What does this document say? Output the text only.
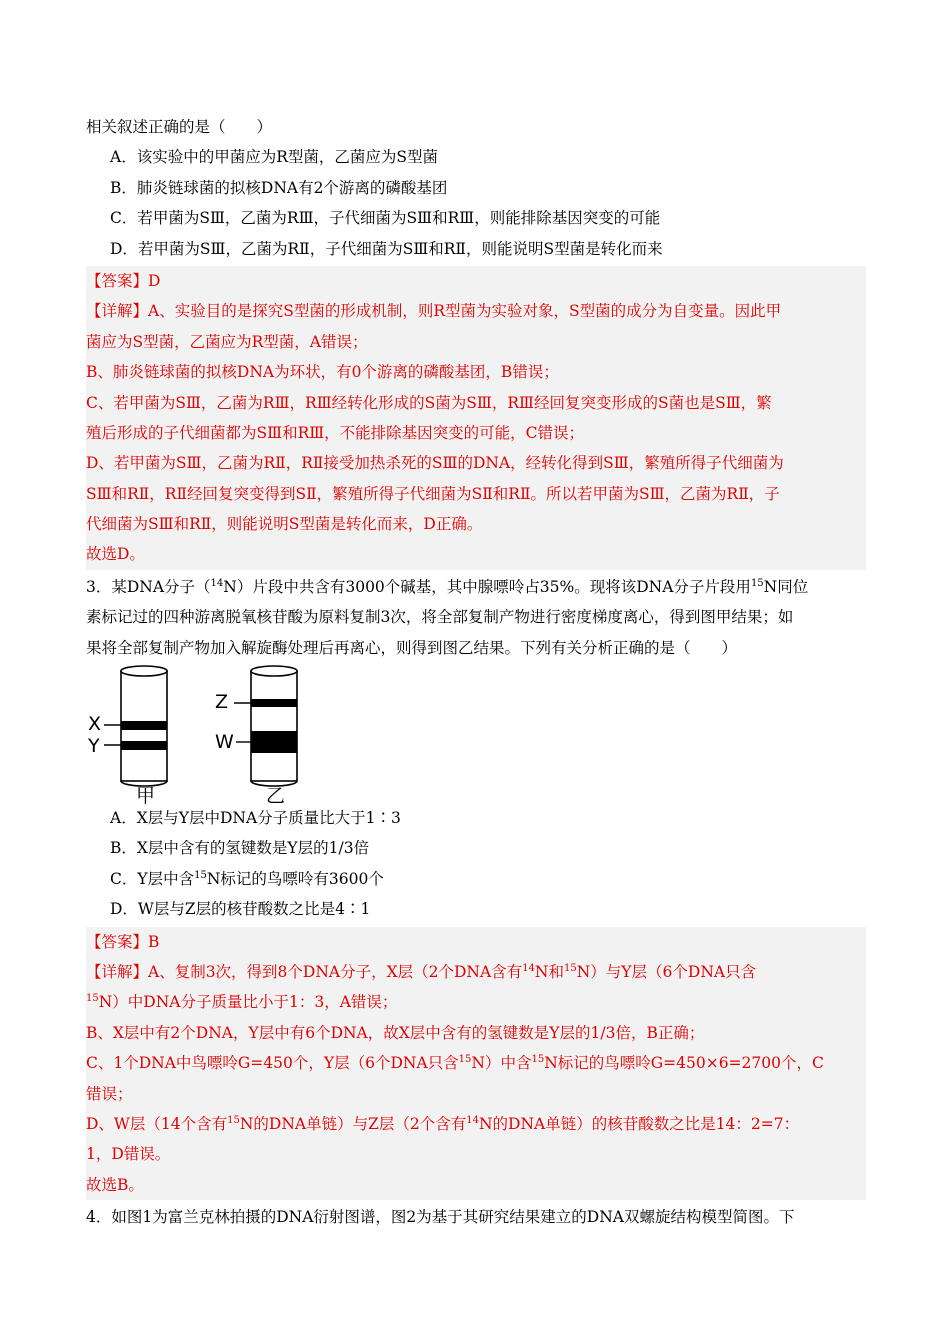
相关叙述正确的是（　　）
A．该实验中的甲菌应为R型菌，乙菌应为S型菌
B．肺炎链球菌的拟核DNA有2个游离的磷酸基团
C．若甲菌为SⅢ，乙菌为RⅢ，子代细菌为SⅢ和RⅢ，则能排除基因突变的可能
D．若甲菌为SⅢ，乙菌为RⅡ，子代细菌为SⅢ和RⅡ，则能说明S型菌是转化而来
【答案】D
【详解】A、实验目的是探究S型菌的形成机制，则R型菌为实验对象，S型菌的成分为自变量。因此甲
菌应为S型菌，乙菌应为R型菌，A错误；
B、肺炎链球菌的拟核DNA为环状，有0个游离的磷酸基团，B错误；
C、若甲菌为SⅢ，乙菌为RⅢ，RⅢ经转化形成的S菌为SⅢ，RⅢ经回复突变形成的S菌也是SⅢ，繁
殖后形成的子代细菌都为SⅢ和RⅢ，不能排除基因突变的可能，C错误；
D、若甲菌为SⅢ，乙菌为RⅡ，RⅡ接受加热杀死的SⅢ的DNA，经转化得到SⅢ，繁殖所得子代细菌为
SⅢ和RⅡ，RⅡ经回复突变得到SⅡ，繁殖所得子代细菌为SⅡ和RⅡ。所以若甲菌为SⅢ，乙菌为RⅡ，子
代细菌为SⅢ和RⅡ，则能说明S型菌是转化而来，D正确。
故选D。
3．某DNA分子（$^{14}$N）片段中共含有3000个碱基，其中腺嘌呤占35%。现将该DNA分子片段用$^{15}$N同位
素标记过的四种游离脱氧核苷酸为原料复制3次，将全部复制产物进行密度梯度离心，得到图甲结果；如
果将全部复制产物加入解旋酶处理后再离心，则得到图乙结果。下列有关分析正确的是（　　）
X
Y
Z
W
甲	乙
A．X层与Y层中DNA分子质量比大于1∶3
B．X层中含有的氢键数是Y层的1/3倍
C．Y层中含$^{15}$N标记的鸟嘌呤有3600个
D．W层与Z层的核苷酸数之比是4∶1
【答案】B
【详解】A、复制3次，得到8个DNA分子，X层（2个DNA含有$^{14}$N和$^{15}$N）与Y层（6个DNA只含
$^{15}$N）中DNA分子质量比小于1：3，A错误；
B、X层中有2个DNA，Y层中有6个DNA，故X层中含有的氢键数是Y层的1/3倍，B正确；
C、1个DNA中鸟嘌呤G=450个，Y层（6个DNA只含$^{15}$N）中含$^{15}$N标记的鸟嘌呤G=450×6=2700个，C
错误；
D、W层（14个含有$^{15}$N的DNA单链）与Z层（2个含有$^{14}$N的DNA单链）的核苷酸数之比是14：2=7：
1，D错误。
故选B。
4．如图1为富兰克林拍摄的DNA衍射图谱，图2为基于其研究结果建立的DNA双螺旋结构模型简图。下
